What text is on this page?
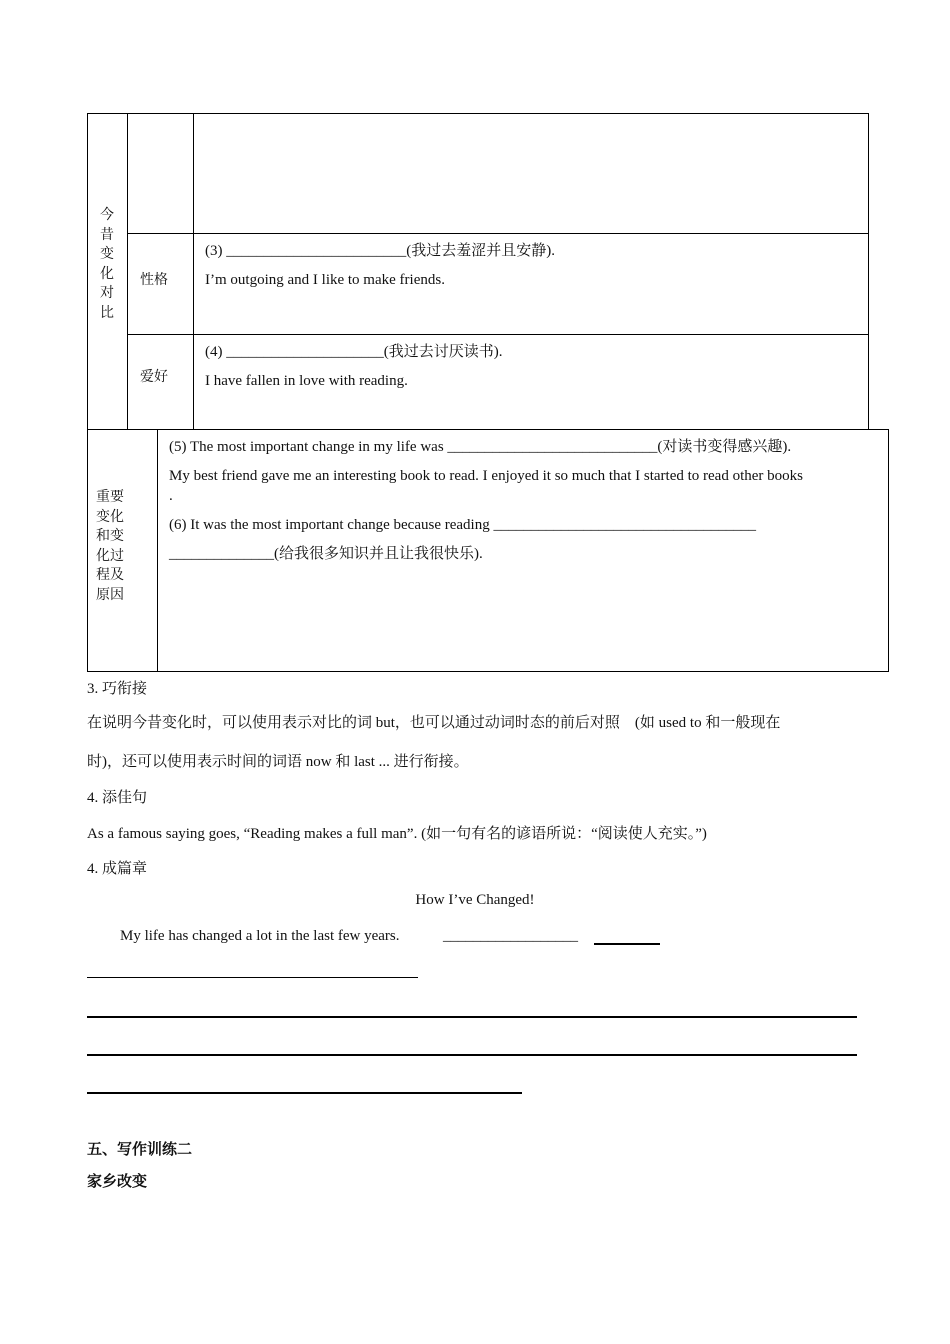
今
昔
变
化
对
比
性格
(3) ________________________(我过去羞涩并且安静).
I’m outgoing and I like to make friends.
爱好
(4) _____________________(我过去讨厌读书).
I have fallen in love with reading.
重要
变化
和变
化过
程及
原因
(5) The most important change in my life was ____________________________(对读书变得感兴趣).
My best friend gave me an interesting book to read. I enjoyed it so much that I started to read other books
.
(6) It was the most important change because reading ___________________________________
______________(给我很多知识并且让我很快乐).
3. 巧衔接
在说明今昔变化时，可以使用表示对比的词 but，也可以通过动词时态的前后对照　(如 used to 和一般现在
时)，还可以使用表示时间的词语 now 和 last ... 进行衔接。
4. 添佳句
As a famous saying goes, “Reading makes a full man”. (如一句有名的谚语所说：“阅读使人充实。”)
4. 成篇章
How I’ve Changed!
My life has changed a lot in the last few years.	__________________
五、写作训练二
家乡改变
